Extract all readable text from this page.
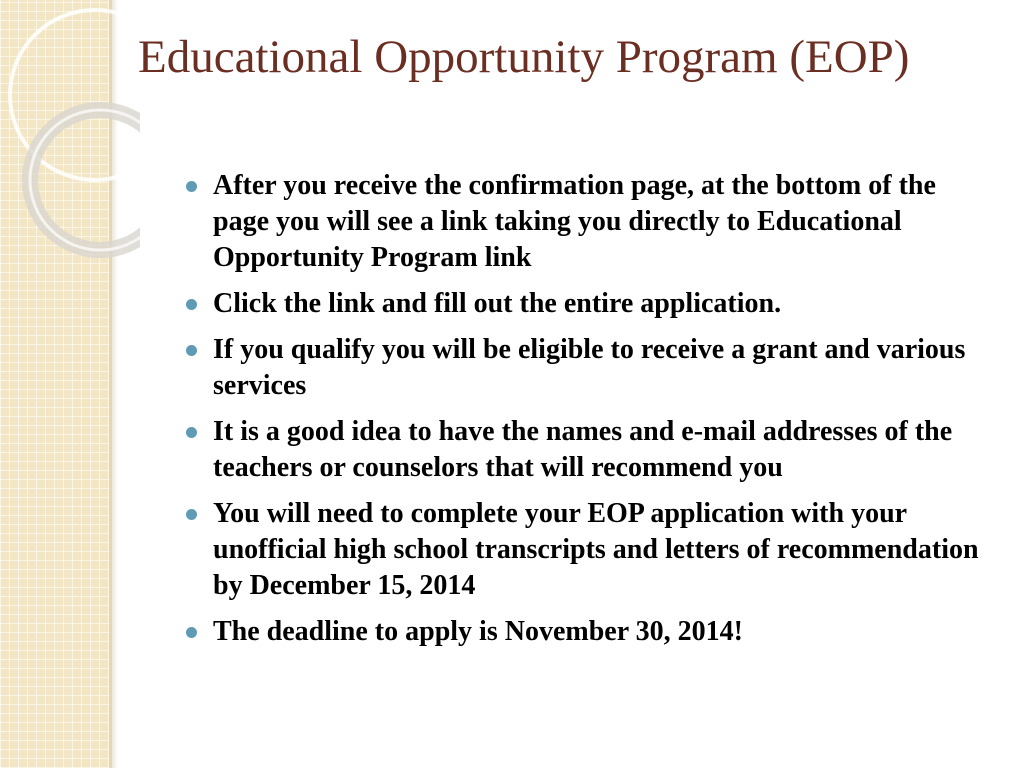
Educational Opportunity Program (EOP)
After you receive the confirmation page, at the bottom of the page you will see a link taking you directly to Educational Opportunity Program link
Click the link and fill out the entire application.
If you qualify you will be eligible to receive a grant and various services
It is a good idea to have the names and e-mail addresses of the teachers or counselors that will recommend you
You will need to complete your EOP application with your unofficial high school transcripts and letters of recommendation by December 15, 2014
The deadline to apply is November 30, 2014!
